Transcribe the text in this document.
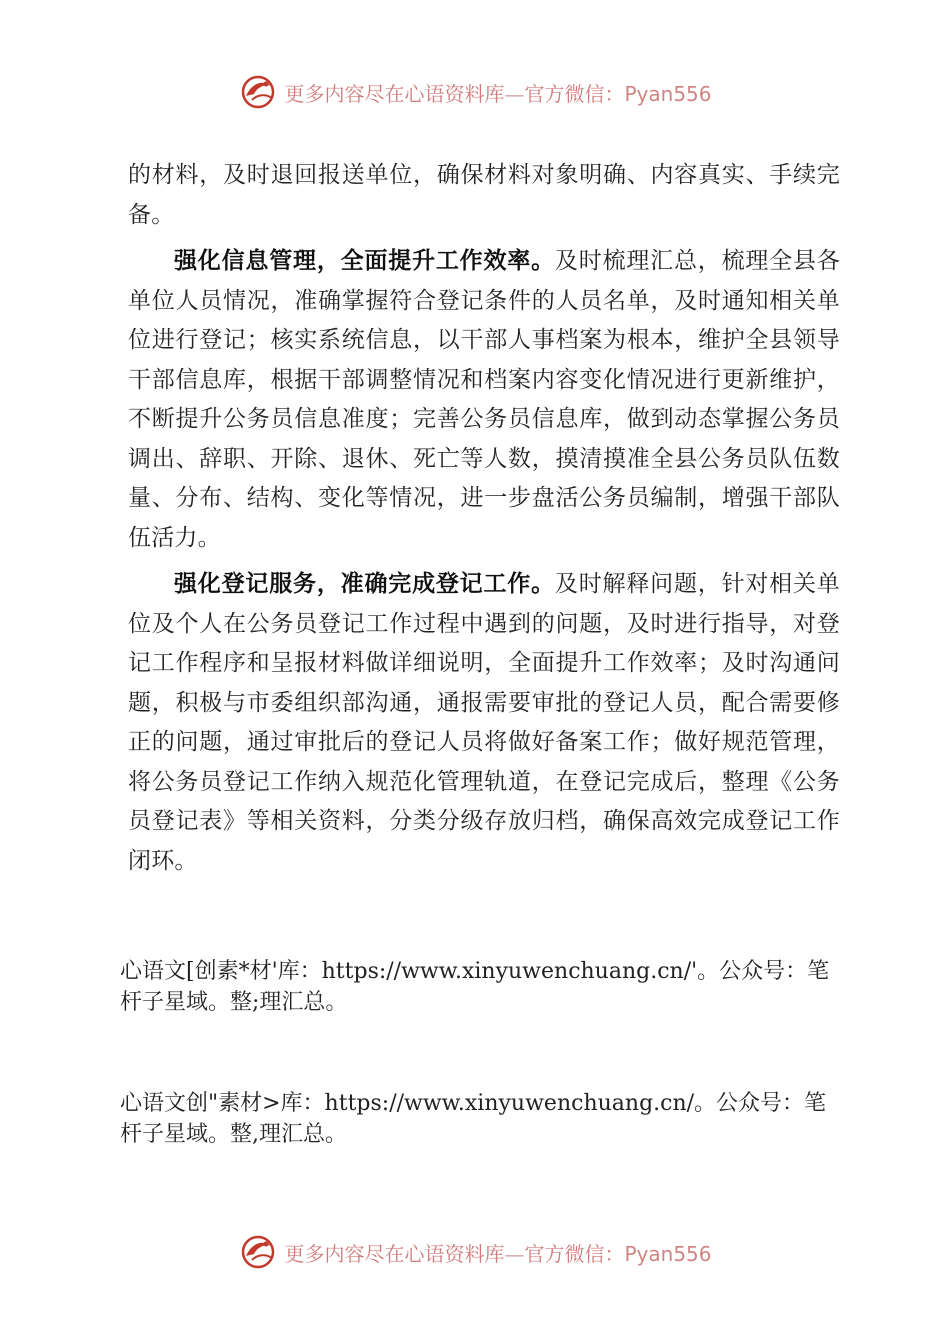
更多内容尽在心语资料库—官方微信：Pyan556

的材料，及时退回报送单位，确保材料对象明确、内容真实、手续完备。

强化信息管理，全面提升工作效率。及时梳理汇总，梳理全县各单位人员情况，准确掌握符合登记条件的人员名单，及时通知相关单位进行登记；核实系统信息，以干部人事档案为根本，维护全县领导干部信息库，根据干部调整情况和档案内容变化情况进行更新维护，不断提升公务员信息准度；完善公务员信息库，做到动态掌握公务员调出、辞职、开除、退休、死亡等人数，摸清摸准全县公务员队伍数量、分布、结构、变化等情况，进一步盘活公务员编制，增强干部队伍活力。

强化登记服务，准确完成登记工作。及时解释问题，针对相关单位及个人在公务员登记工作过程中遇到的问题，及时进行指导，对登记工作程序和呈报材料做详细说明，全面提升工作效率；及时沟通问题，积极与市委组织部沟通，通报需要审批的登记人员，配合需要修正的问题，通过审批后的登记人员将做好备案工作；做好规范管理，将公务员登记工作纳入规范化管理轨道，在登记完成后，整理《公务员登记表》等相关资料，分类分级存放归档，确保高效完成登记工作闭环。

心语文[创素*材'库：https://www.xinyuwenchuang.cn/'。公众号：笔杆子星域。整;理汇总。
心语文创"素材>库：https://www.xinyuwenchuang.cn/。公众号：笔杆子星域。整,理汇总。
更多内容尽在心语资料库—官方微信：Pyan556
